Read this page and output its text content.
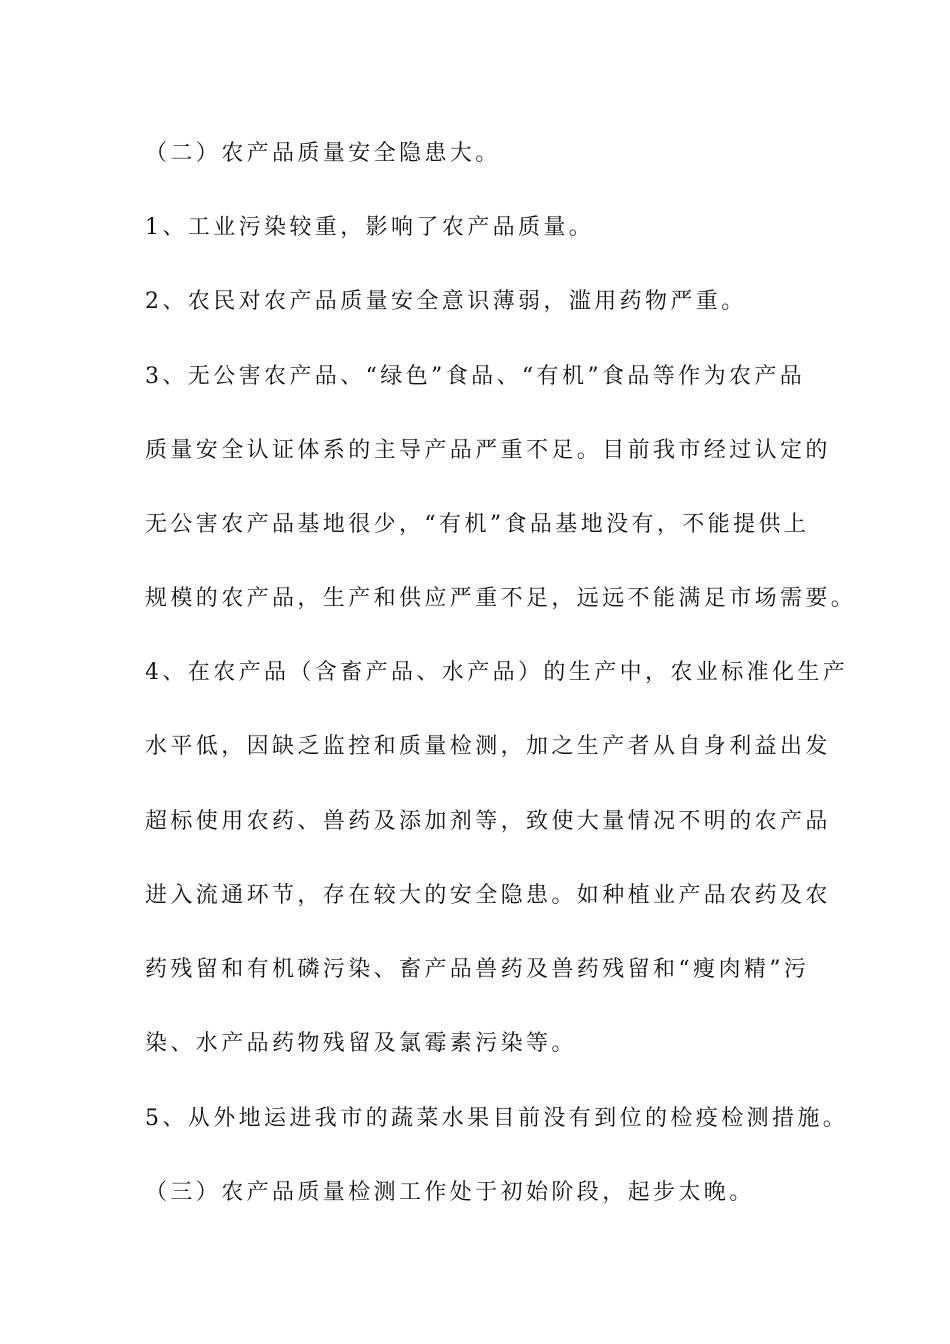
（二）农产品质量安全隐患大。

1、工业污染较重，影响了农产品质量。

2、农民对农产品质量安全意识薄弱，滥用药物严重。

3、无公害农产品、“绿色”食品、“有机”食品等作为农产品

质量安全认证体系的主导产品严重不足。目前我市经过认定的

无公害农产品基地很少，“有机”食品基地没有，不能提供上

规模的农产品，生产和供应严重不足，远远不能满足市场需要。

4、在农产品（含畜产品、水产品）的生产中，农业标准化生产

水平低，因缺乏监控和质量检测，加之生产者从自身利益出发

超标使用农药、兽药及添加剂等，致使大量情况不明的农产品

进入流通环节，存在较大的安全隐患。如种植业产品农药及农

药残留和有机磷污染、畜产品兽药及兽药残留和“瘦肉精”污

染、水产品药物残留及氯霉素污染等。

5、从外地运进我市的蔬菜水果目前没有到位的检疫检测措施。

（三）农产品质量检测工作处于初始阶段，起步太晚。
